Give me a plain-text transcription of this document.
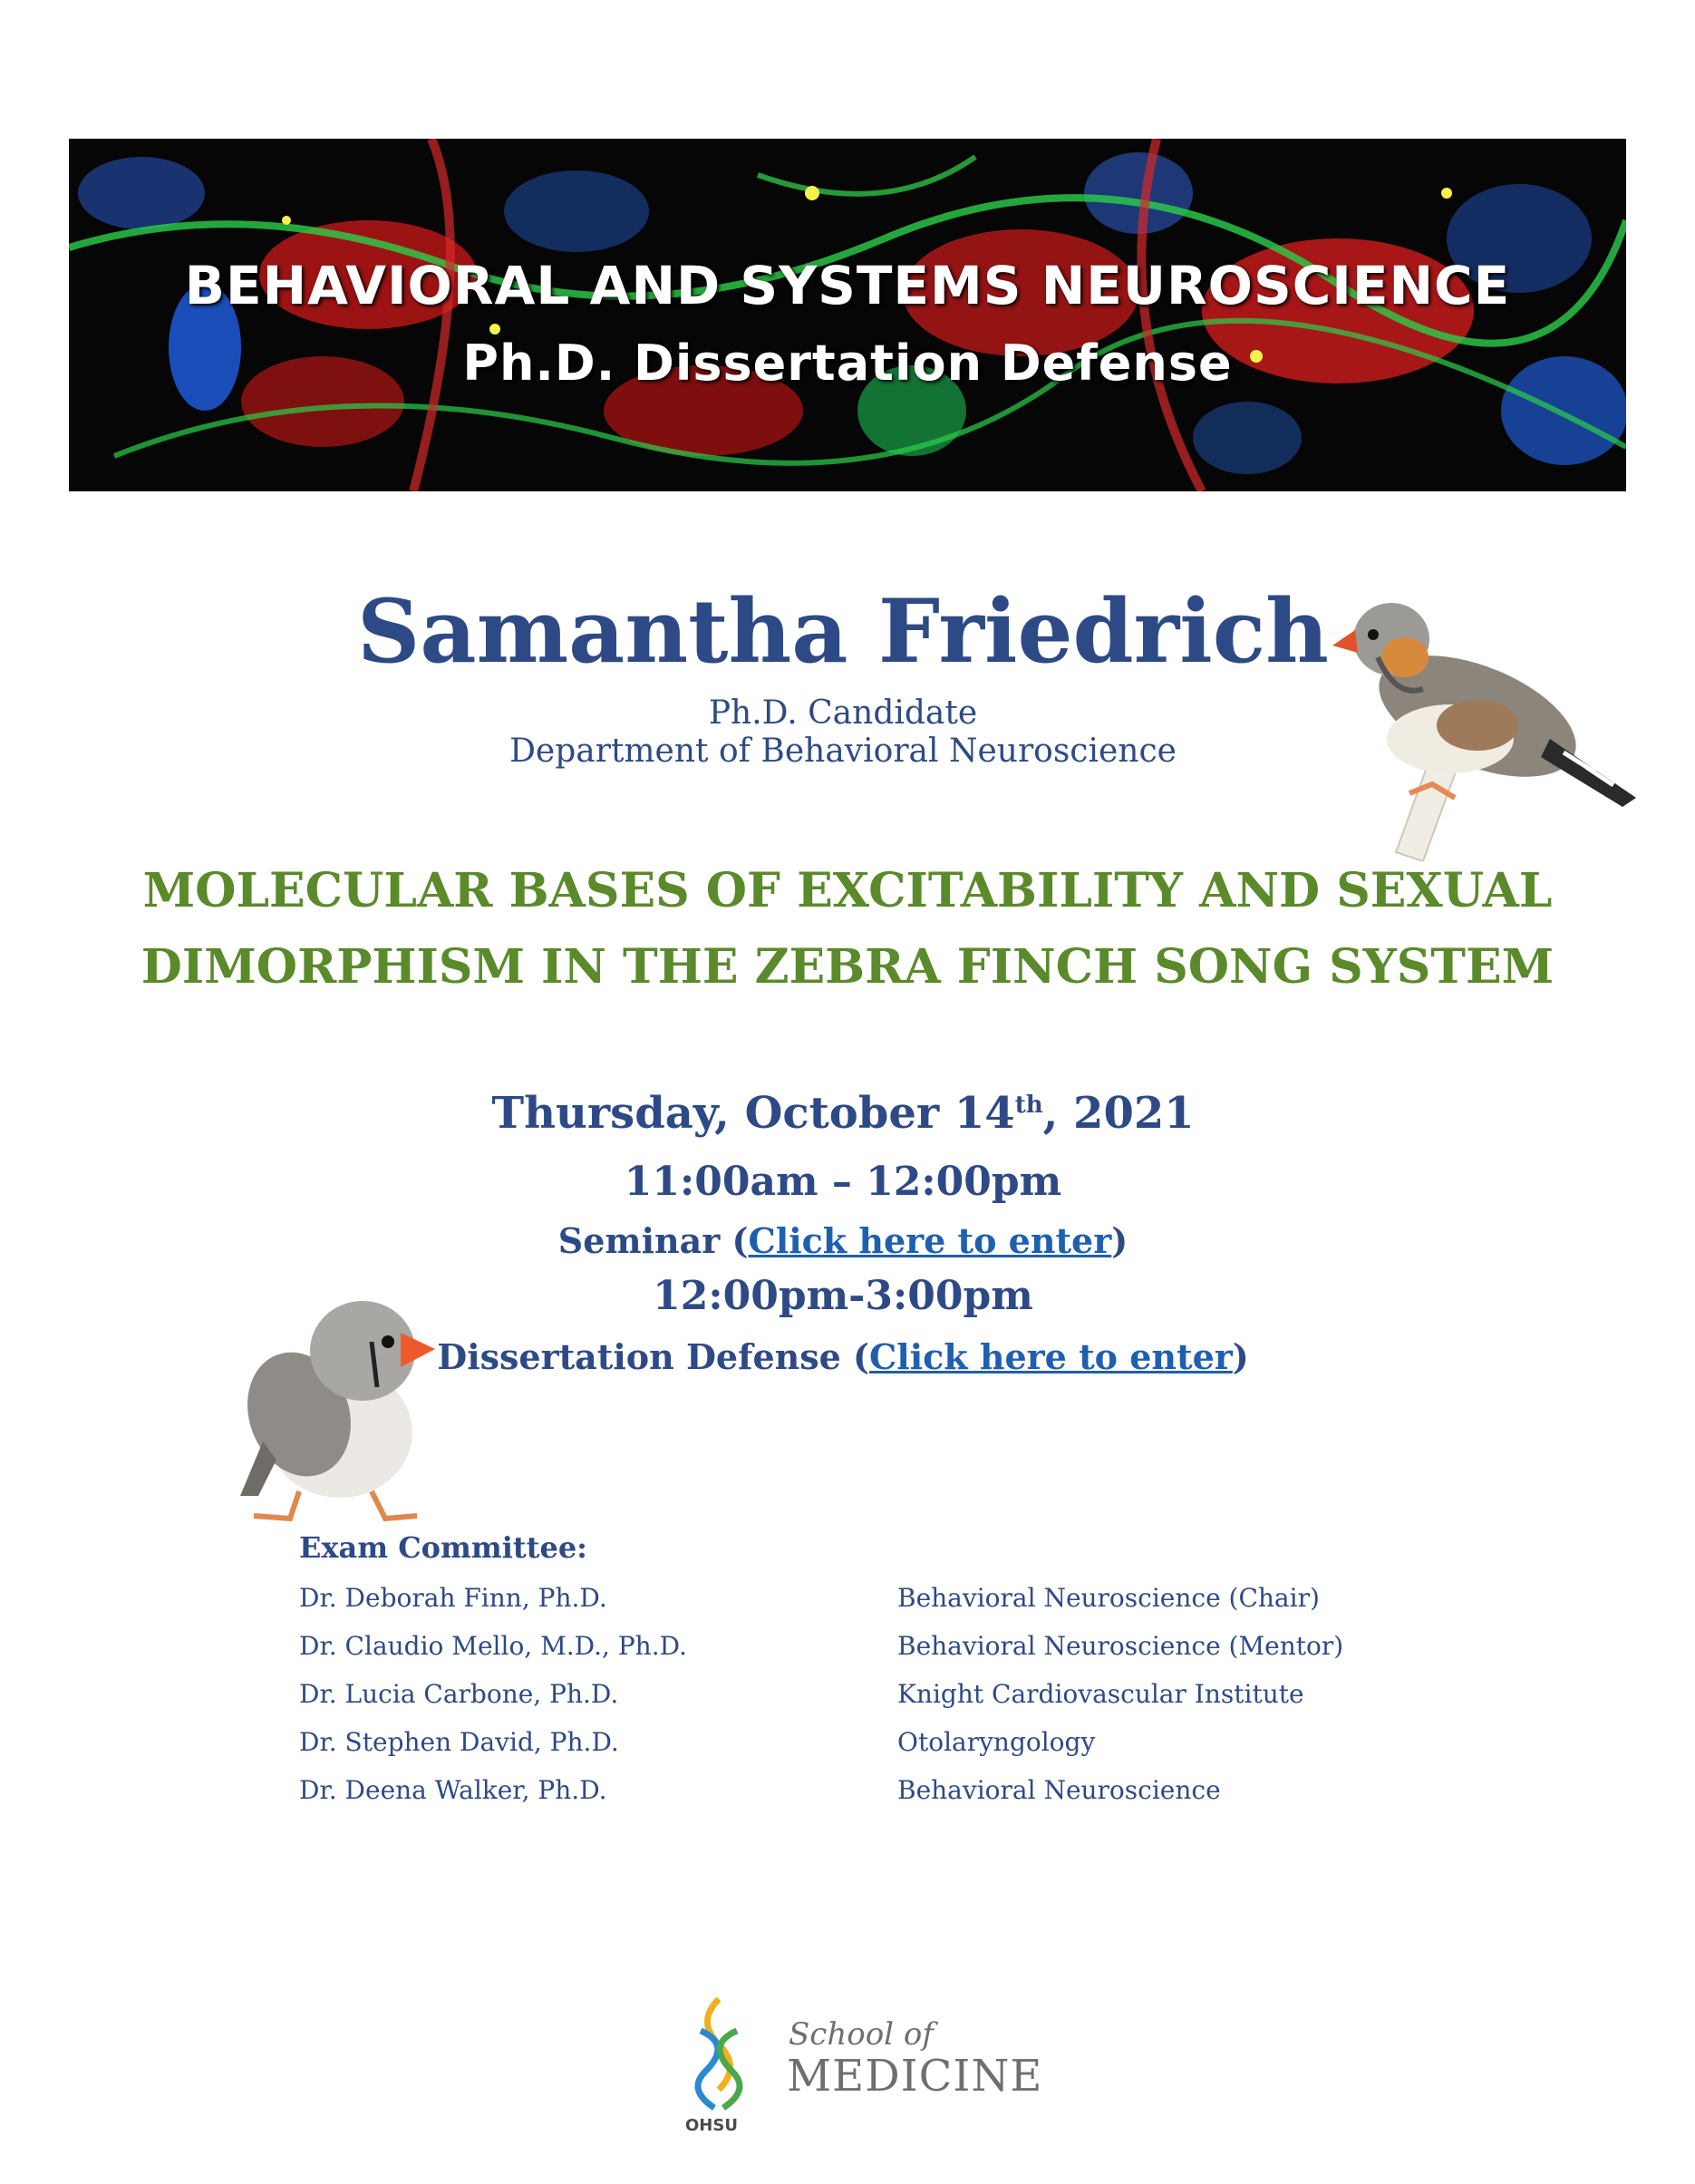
BEHAVIORAL AND SYSTEMS NEUROSCIENCE
Ph.D. Dissertation Defense
Samantha Friedrich
Ph.D. Candidate
Department of Behavioral Neuroscience
MOLECULAR BASES OF EXCITABILITY AND SEXUAL
DIMORPHISM IN THE ZEBRA FINCH SONG SYSTEM
Thursday, October 14th, 2021
11:00am – 12:00pm
Seminar (Click here to enter)
12:00pm-3:00pm
Dissertation Defense (Click here to enter)
Exam Committee:
Dr. Deborah Finn, Ph.D.	Behavioral Neuroscience (Chair)
Dr. Claudio Mello, M.D., Ph.D.	Behavioral Neuroscience (Mentor)
Dr. Lucia Carbone, Ph.D.	Knight Cardiovascular Institute
Dr. Stephen David, Ph.D.	Otolaryngology
Dr. Deena Walker, Ph.D.	Behavioral Neuroscience
School of
MEDICINE
OHSU
